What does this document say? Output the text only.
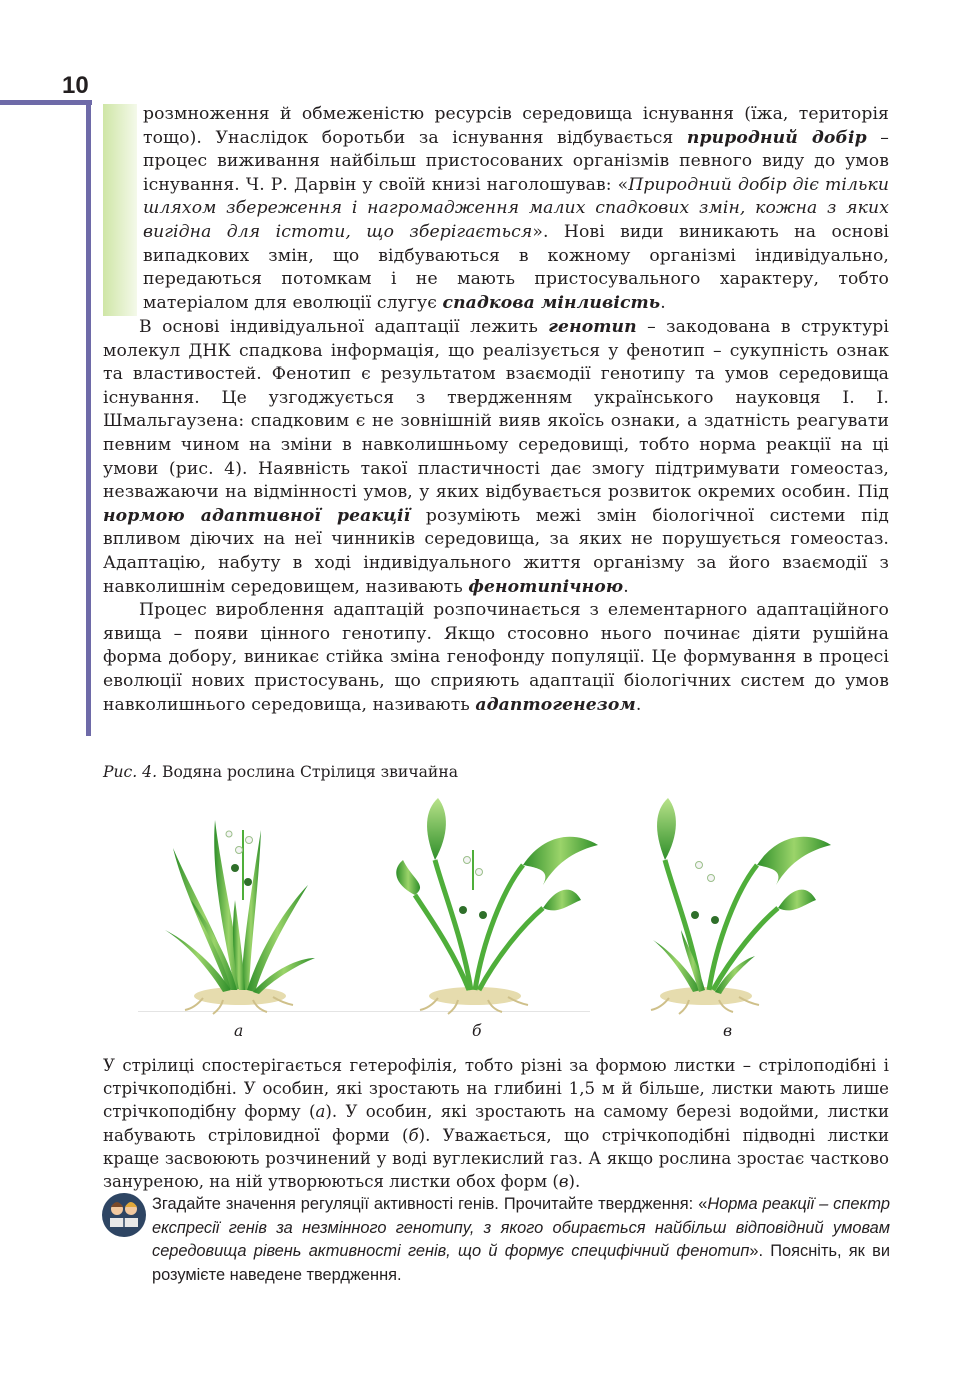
10

розмноження й обмеженістю ресурсів середовища існування (їжа, територія тощо). Унаслідок боротьби за існування відбувається природний добір – процес виживання найбільш пристосованих організмів певного виду до умов існування. Ч. Р. Дарвін у своїй книзі наголошував: «Природний добір діє тільки шляхом збереження і нагромадження малих спадкових змін, кожна з яких вигідна для істоти, що зберігається». Нові види виникають на основі випадкових змін, що відбуваються в кожному організмі індивідуально, передаються потомкам і не мають пристосувального характеру, тобто матеріалом для еволюції слугує спадкова мінливість.

В основі індивідуальної адаптації лежить генотип – закодована в структурі молекул ДНК спадкова інформація, що реалізується у фенотип – сукупність ознак та властивостей. Фенотип є результатом взаємодії генотипу та умов середовища існування. Це узгоджується з твердженням українського науковця І. І. Шмальгаузена: спадковим є не зовнішній вияв якоїсь ознаки, а здатність реагувати певним чином на зміни в навколишньому середовищі, тобто норма реакції на ці умови (рис. 4). Наявність такої пластичності дає змогу підтримувати гомеостаз, незважаючи на відмінності умов, у яких відбувається розвиток окремих особин. Під нормою адаптивної реакції розуміють межі змін біологічної системи під впливом діючих на неї чинників середовища, за яких не порушується гомеостаз. Адаптацію, набуту в ході індивідуального життя організму за його взаємодії з навколишнім середовищем, називають фенотипічною.

Процес вироблення адаптацій розпочинається з елементарного адаптаційного явища – появи цінного генотипу. Якщо стосовно нього починає діяти рушійна форма добору, виникає стійка зміна генофонду популяції. Це формування в процесі еволюції нових пристосувань, що сприяють адаптації біологічних систем до умов навколишнього середовища, називають адаптогенезом.

Рис. 4. Водяна рослина Стрілиця звичайна
а	б	в
У стрілиці спостерігається гетерофілія, тобто різні за формою листки – стрілоподібні і стрічкоподібні. У особин, які зростають на глибині 1,5 м й більше, листки мають лише стрічкоподібну форму (а). У особин, які зростають на самому березі водойми, листки набувають стріловидної форми (б). Уважається, що стрічкоподібні підводні листки краще засвоюють розчинений у воді вуглекислий газ. А якщо рослина зростає частково зануреною, на ній утворюються листки обох форм (в).
Згадайте значення регуляції активності генів. Прочитайте твердження: «Норма реакції – спектр експресії генів за незмінного генотипу, з якого обирається найбільш відповідний умовам середовища рівень активності генів, що й формує специфічний фенотип». Поясніть, як ви розумієте наведене твердження.
